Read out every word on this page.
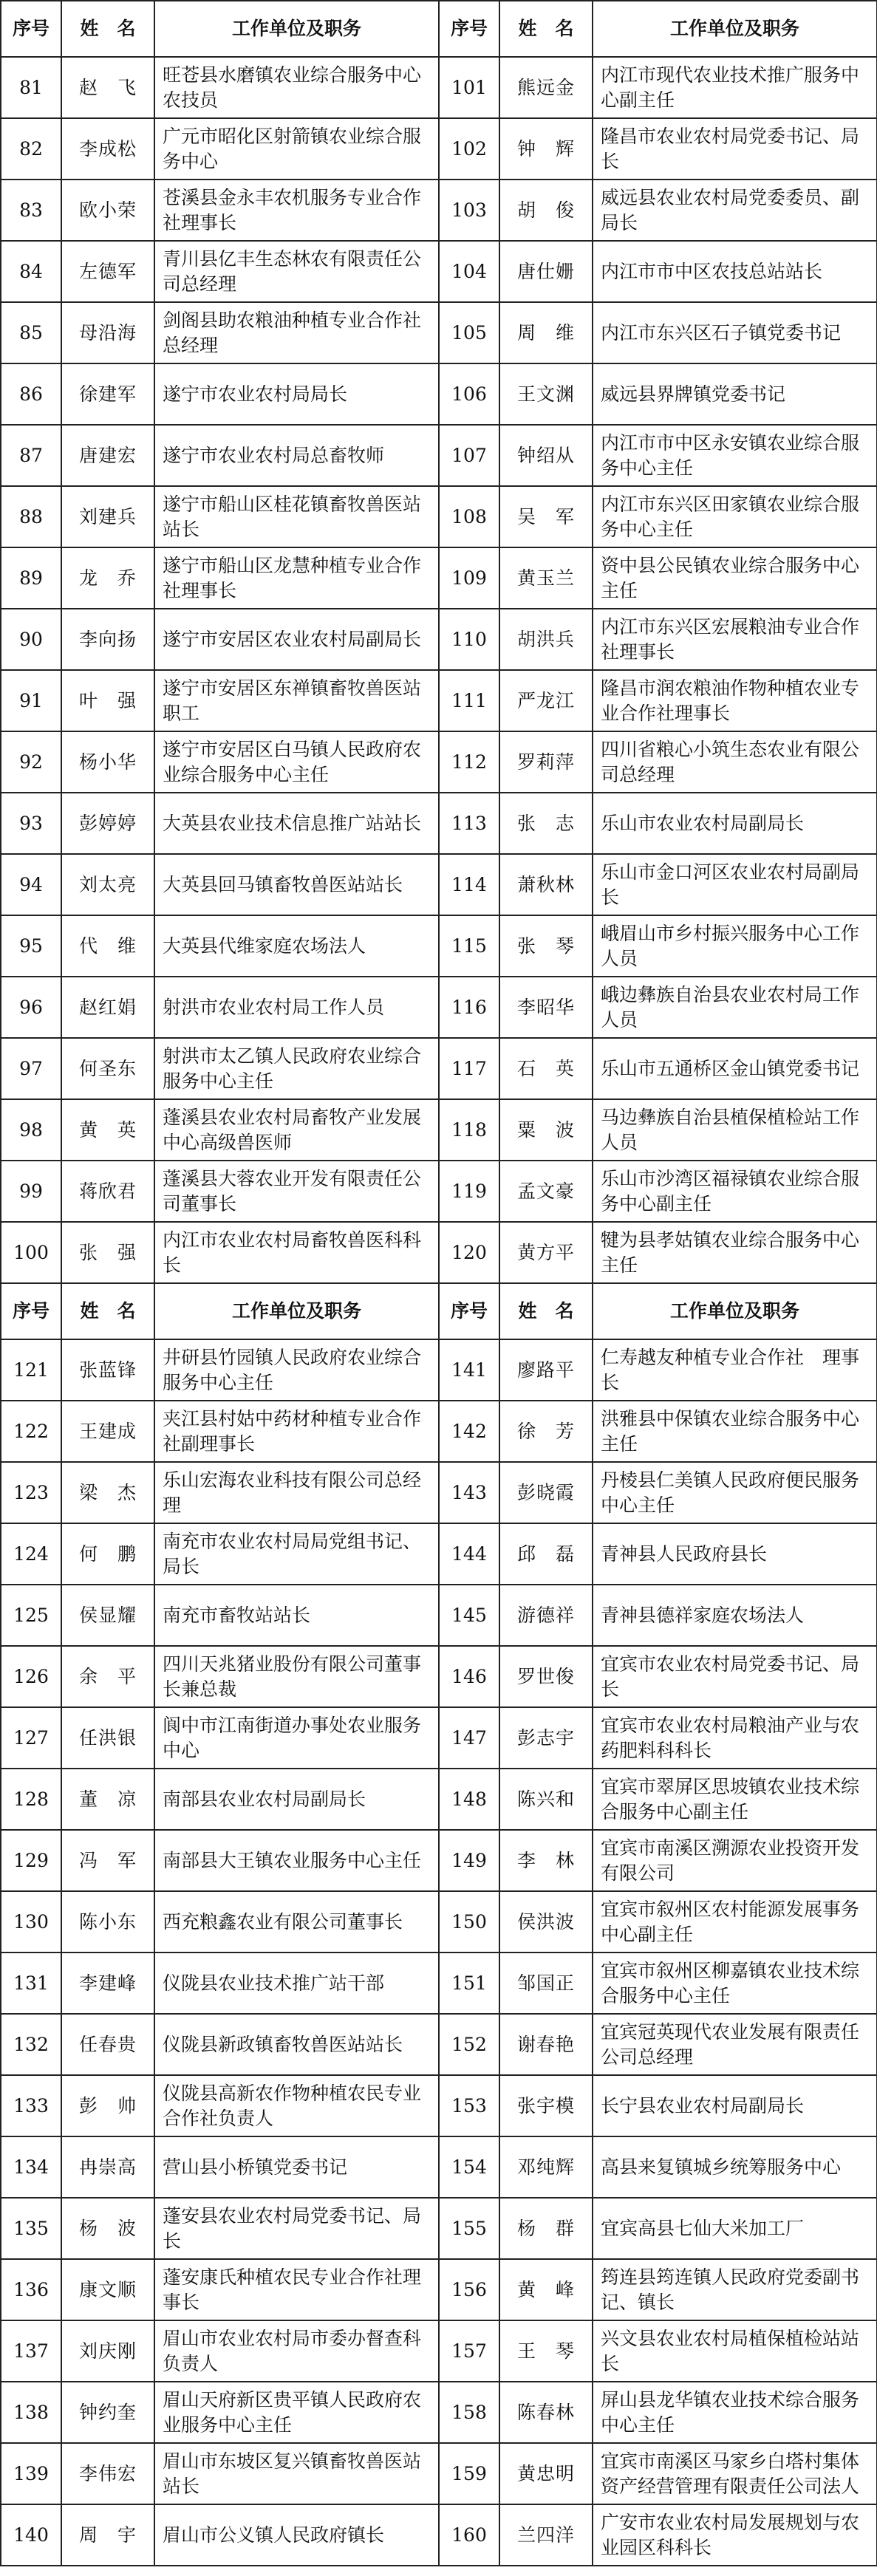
序号	姓　名	工作单位及职务	序号	姓　名	工作单位及职务
81	赵　飞	旺苍县水磨镇农业综合服务中心农技员	101	熊远金	内江市现代农业技术推广服务中心副主任
82	李成松	广元市昭化区射箭镇农业综合服务中心	102	钟　辉	隆昌市农业农村局党委书记、局长
83	欧小荣	苍溪县金永丰农机服务专业合作社理事长	103	胡　俊	威远县农业农村局党委委员、副局长
84	左德军	青川县亿丰生态林农有限责任公司总经理	104	唐仕姗	内江市市中区农技总站站长
85	母沿海	剑阁县助农粮油种植专业合作社总经理	105	周　维	内江市东兴区石子镇党委书记
86	徐建军	遂宁市农业农村局局长	106	王文渊	威远县界牌镇党委书记
87	唐建宏	遂宁市农业农村局总畜牧师	107	钟绍从	内江市市中区永安镇农业综合服务中心主任
88	刘建兵	遂宁市船山区桂花镇畜牧兽医站站长	108	吴　军	内江市东兴区田家镇农业综合服务中心主任
89	龙　乔	遂宁市船山区龙慧种植专业合作社理事长	109	黄玉兰	资中县公民镇农业综合服务中心主任
90	李向扬	遂宁市安居区农业农村局副局长	110	胡洪兵	内江市东兴区宏展粮油专业合作社理事长
91	叶　强	遂宁市安居区东禅镇畜牧兽医站职工	111	严龙江	隆昌市润农粮油作物种植农业专业合作社理事长
92	杨小华	遂宁市安居区白马镇人民政府农业综合服务中心主任	112	罗莉萍	四川省粮心小筑生态农业有限公司总经理
93	彭婷婷	大英县农业技术信息推广站站长	113	张　志	乐山市农业农村局副局长
94	刘太亮	大英县回马镇畜牧兽医站站长	114	萧秋林	乐山市金口河区农业农村局副局长
95	代　维	大英县代维家庭农场法人	115	张　琴	峨眉山市乡村振兴服务中心工作人员
96	赵红娟	射洪市农业农村局工作人员	116	李昭华	峨边彝族自治县农业农村局工作人员
97	何圣东	射洪市太乙镇人民政府农业综合服务中心主任	117	石　英	乐山市五通桥区金山镇党委书记
98	黄　英	蓬溪县农业农村局畜牧产业发展中心高级兽医师	118	粟　波	马边彝族自治县植保植检站工作人员
99	蒋欣君	蓬溪县大蓉农业开发有限责任公司董事长	119	孟文豪	乐山市沙湾区福禄镇农业综合服务中心副主任
100	张　强	内江市农业农村局畜牧兽医科科长	120	黄方平	犍为县孝姑镇农业综合服务中心主任
序号	姓　名	工作单位及职务	序号	姓　名	工作单位及职务
121	张蓝锋	井研县竹园镇人民政府农业综合服务中心主任	141	廖路平	仁寿越友种植专业合作社　理事长
122	王建成	夹江县村姑中药材种植专业合作社副理事长	142	徐　芳	洪雅县中保镇农业综合服务中心主任
123	梁　杰	乐山宏海农业科技有限公司总经理	143	彭晓霞	丹棱县仁美镇人民政府便民服务中心主任
124	何　鹏	南充市农业农村局局党组书记、局长	144	邱　磊	青神县人民政府县长
125	侯显耀	南充市畜牧站站长	145	游德祥	青神县德祥家庭农场法人
126	余　平	四川天兆猪业股份有限公司董事长兼总裁	146	罗世俊	宜宾市农业农村局党委书记、局长
127	任洪银	阆中市江南街道办事处农业服务中心	147	彭志宇	宜宾市农业农村局粮油产业与农药肥料科科长
128	董　凉	南部县农业农村局副局长	148	陈兴和	宜宾市翠屏区思坡镇农业技术综合服务中心副主任
129	冯　军	南部县大王镇农业服务中心主任	149	李　林	宜宾市南溪区溯源农业投资开发有限公司
130	陈小东	西充粮鑫农业有限公司董事长	150	侯洪波	宜宾市叙州区农村能源发展事务中心副主任
131	李建峰	仪陇县农业技术推广站干部	151	邹国正	宜宾市叙州区柳嘉镇农业技术综合服务中心主任
132	任春贵	仪陇县新政镇畜牧兽医站站长	152	谢春艳	宜宾冠英现代农业发展有限责任公司总经理
133	彭　帅	仪陇县高新农作物种植农民专业合作社负责人	153	张宇模	长宁县农业农村局副局长
134	冉崇高	营山县小桥镇党委书记	154	邓纯辉	高县来复镇城乡统筹服务中心
135	杨　波	蓬安县农业农村局党委书记、局长	155	杨　群	宜宾高县七仙大米加工厂
136	康文顺	蓬安康氏种植农民专业合作社理事长	156	黄　峰	筠连县筠连镇人民政府党委副书记、镇长
137	刘庆刚	眉山市农业农村局市委办督查科负责人	157	王　琴	兴文县农业农村局植保植检站站长
138	钟约奎	眉山天府新区贵平镇人民政府农业服务中心主任	158	陈春林	屏山县龙华镇农业技术综合服务中心主任
139	李伟宏	眉山市东坡区复兴镇畜牧兽医站站长	159	黄忠明	宜宾市南溪区马家乡白塔村集体资产经营管理有限责任公司法人
140	周　宇	眉山市公义镇人民政府镇长	160	兰四洋	广安市农业农村局发展规划与农业园区科科长
